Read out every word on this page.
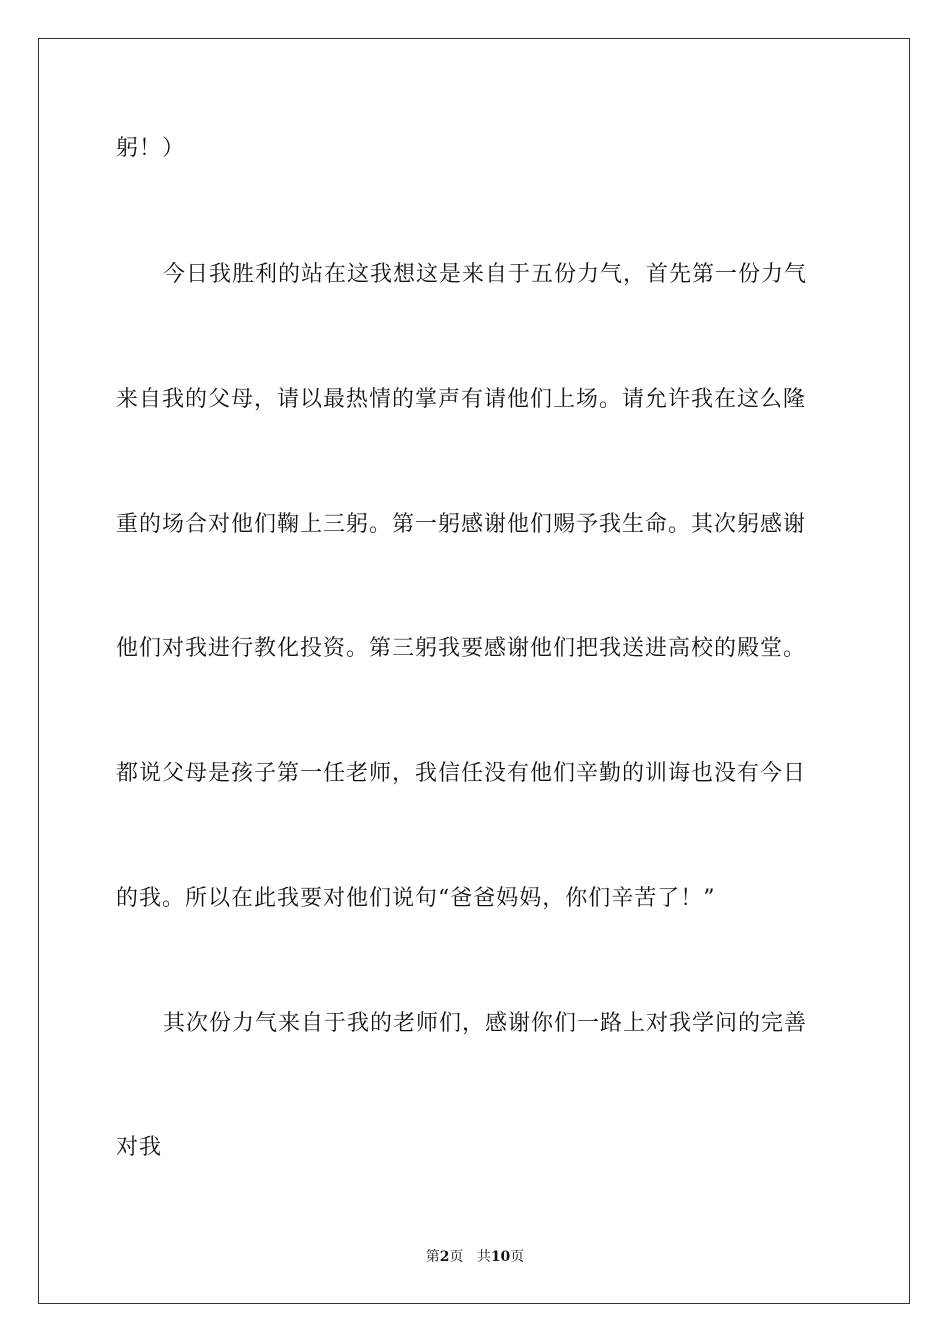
躬！）
今日我胜利的站在这我想这是来自于五份力气，首先第一份力气
来自我的父母，请以最热情的掌声有请他们上场。请允许我在这么隆
重的场合对他们鞠上三躬。第一躬感谢他们赐予我生命。其次躬感谢
他们对我进行教化投资。第三躬我要感谢他们把我送进高校的殿堂。
都说父母是孩子第一任老师，我信任没有他们辛勤的训诲也没有今日
的我。所以在此我要对他们说句“爸爸妈妈，你们辛苦了！”
其次份力气来自于我的老师们，感谢你们一路上对我学问的完善
对我
第2页 共10页
